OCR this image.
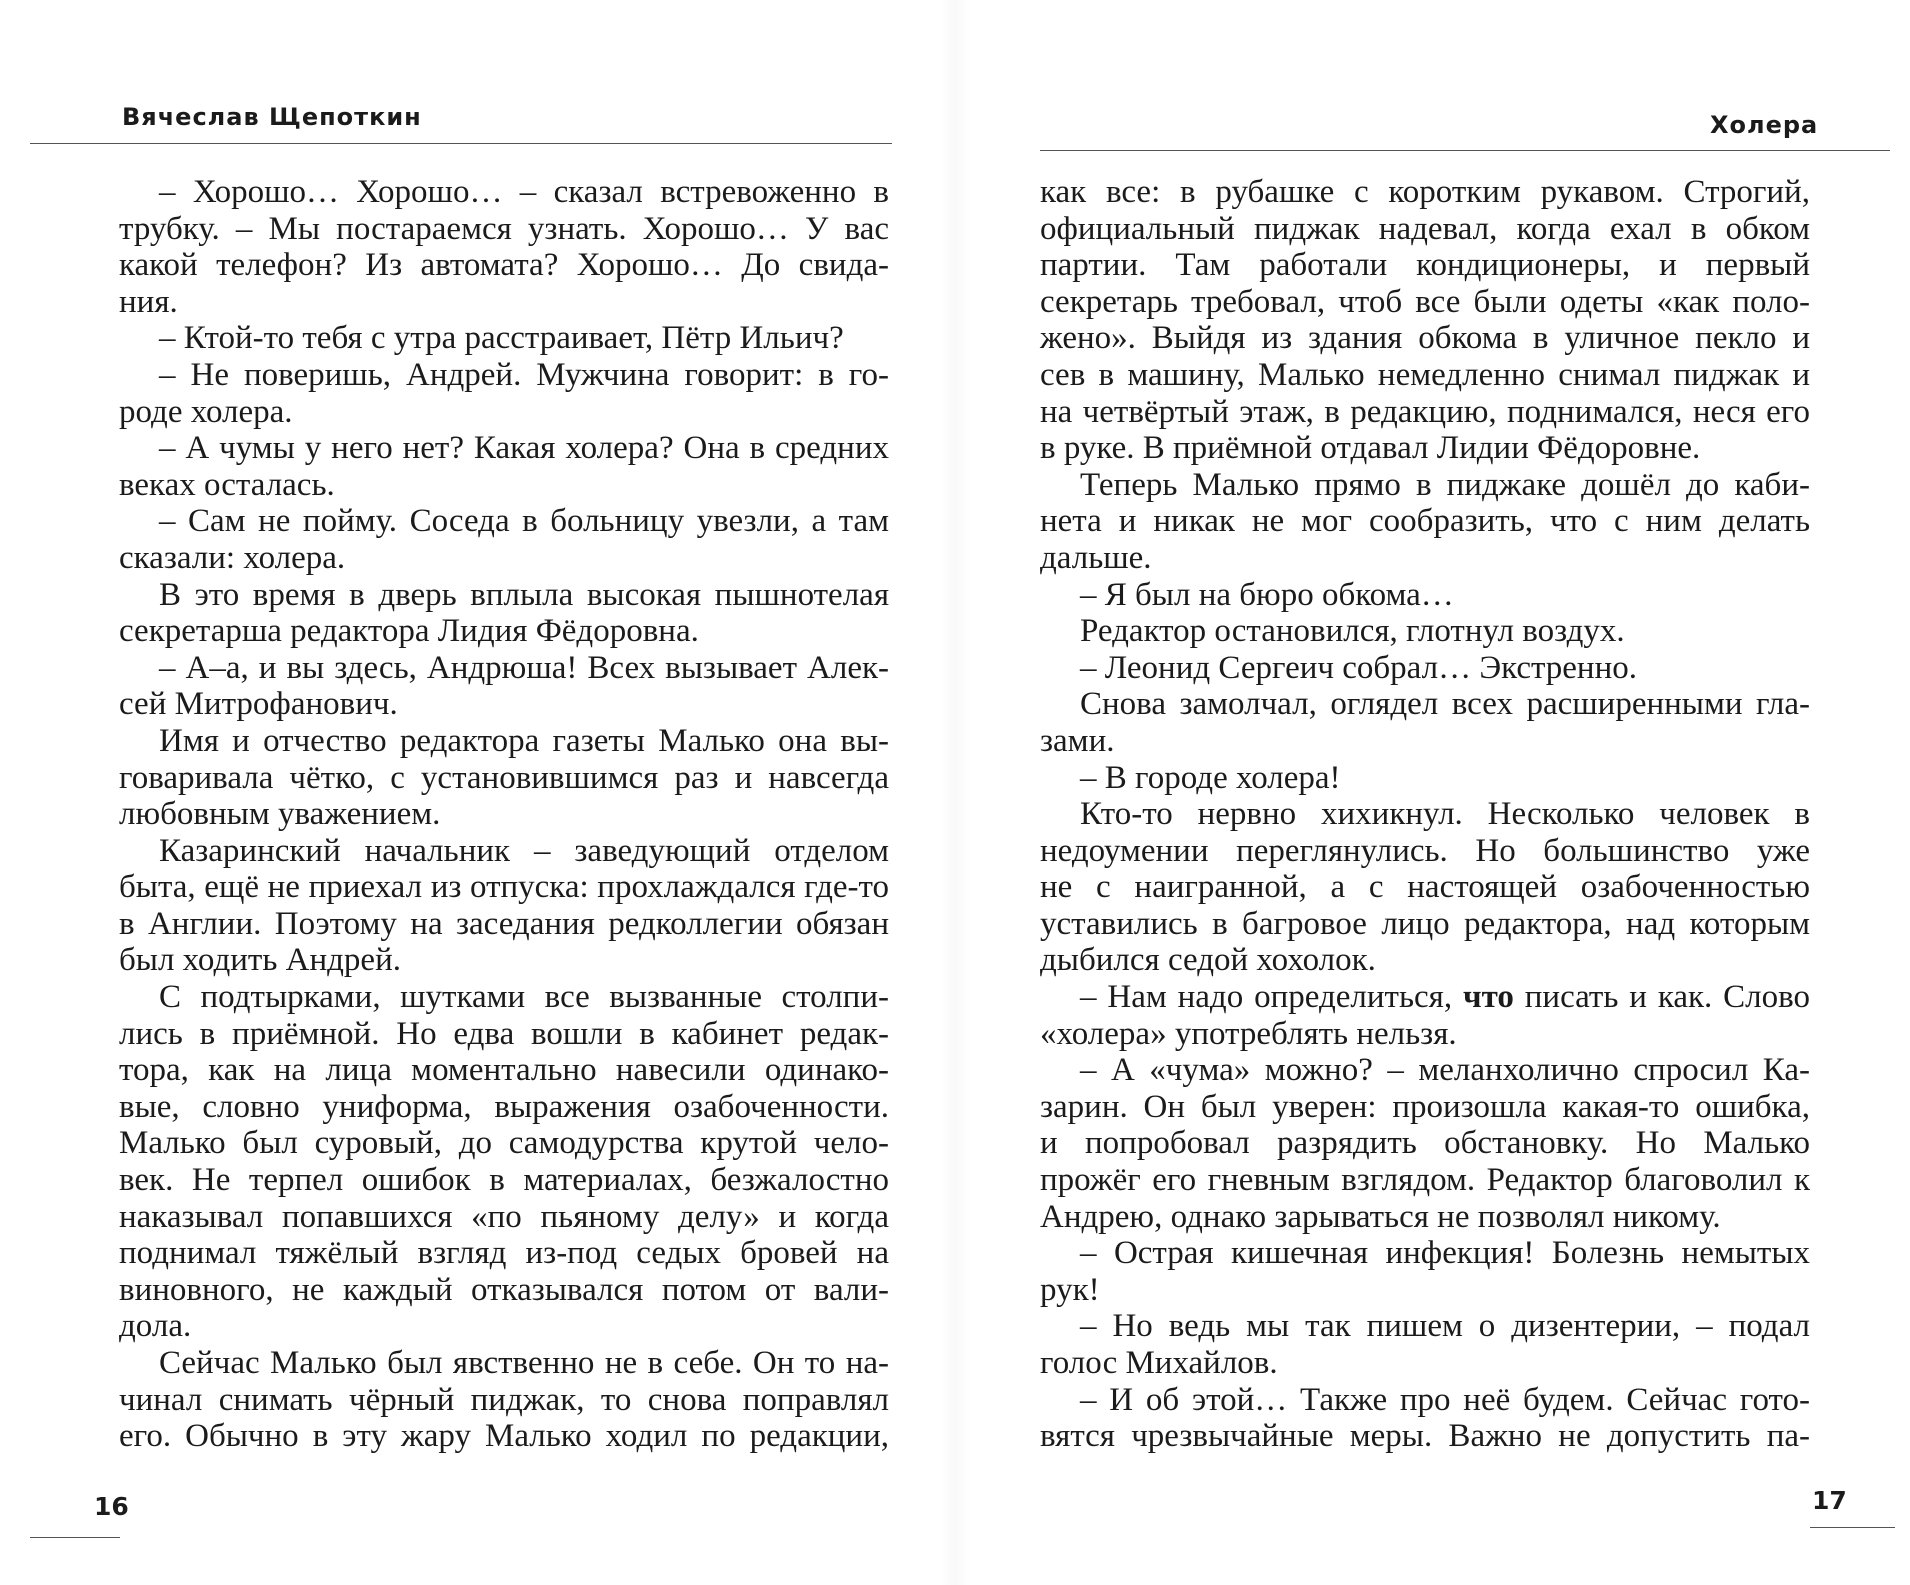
Вячеслав Щепоткин
– Хорошо… Хорошо… – сказал встревоженно в
трубку. – Мы постараемся узнать. Хорошо… У вас
какой телефон? Из автомата? Хорошо… До свида-
ния.
– Ктой-то тебя с утра расстраивает, Пётр Ильич?
– Не поверишь, Андрей. Мужчина говорит: в го-
роде холера.
– А чумы у него нет? Какая холера? Она в средних
веках осталась.
– Сам не пойму. Соседа в больницу увезли, а там
сказали: холера.
В это время в дверь вплыла высокая пышнотелая
секретарша редактора Лидия Фёдоровна.
– А–а, и вы здесь, Андрюша! Всех вызывает Алек-
сей Митрофанович.
Имя и отчество редактора газеты Малько она вы-
говаривала чётко, с установившимся раз и навсегда
любовным уважением.
Казаринский начальник – заведующий отделом
быта, ещё не приехал из отпуска: прохлаждался где-то
в Англии. Поэтому на заседания редколлегии обязан
был ходить Андрей.
С подтырками, шутками все вызванные столпи-
лись в приёмной. Но едва вошли в кабинет редак-
тора, как на лица моментально навесили одинако-
вые, словно униформа, выражения озабоченности.
Малько был суровый, до самодурства крутой чело-
век. Не терпел ошибок в материалах, безжалостно
наказывал попавшихся «по пьяному делу» и когда
поднимал тяжёлый взгляд из-под седых бровей на
виновного, не каждый отказывался потом от вали-
дола.
Сейчас Малько был явственно не в себе. Он то на-
чинал снимать чёрный пиджак, то снова поправлял
его. Обычно в эту жару Малько ходил по редакции,
16
Холера
как все: в рубашке с коротким рукавом. Строгий,
официальный пиджак надевал, когда ехал в обком
партии. Там работали кондиционеры, и первый
секретарь требовал, чтоб все были одеты «как поло-
жено». Выйдя из здания обкома в уличное пекло и
сев в машину, Малько немедленно снимал пиджак и
на четвёртый этаж, в редакцию, поднимался, неся его
в руке. В приёмной отдавал Лидии Фёдоровне.
Теперь Малько прямо в пиджаке дошёл до каби-
нета и никак не мог сообразить, что с ним делать
дальше.
– Я был на бюро обкома…
Редактор остановился, глотнул воздух.
– Леонид Сергеич собрал… Экстренно.
Снова замолчал, оглядел всех расширенными гла-
зами.
– В городе холера!
Кто-то нервно хихикнул. Несколько человек в
недоумении переглянулись. Но большинство уже
не с наигранной, а с настоящей озабоченностью
уставились в багровое лицо редактора, над которым
дыбился седой хохолок.
– Нам надо определиться, что писать и как. Слово
«холера» употреблять нельзя.
– А «чума» можно? – меланхолично спросил Ка-
зарин. Он был уверен: произошла какая-то ошибка,
и попробовал разрядить обстановку. Но Малько
прожёг его гневным взглядом. Редактор благоволил к
Андрею, однако зарываться не позволял никому.
– Острая кишечная инфекция! Болезнь немытых
рук!
– Но ведь мы так пишем о дизентерии, – подал
голос Михайлов.
– И об этой… Также про неё будем. Сейчас гото-
вятся чрезвычайные меры. Важно не допустить па-
17
